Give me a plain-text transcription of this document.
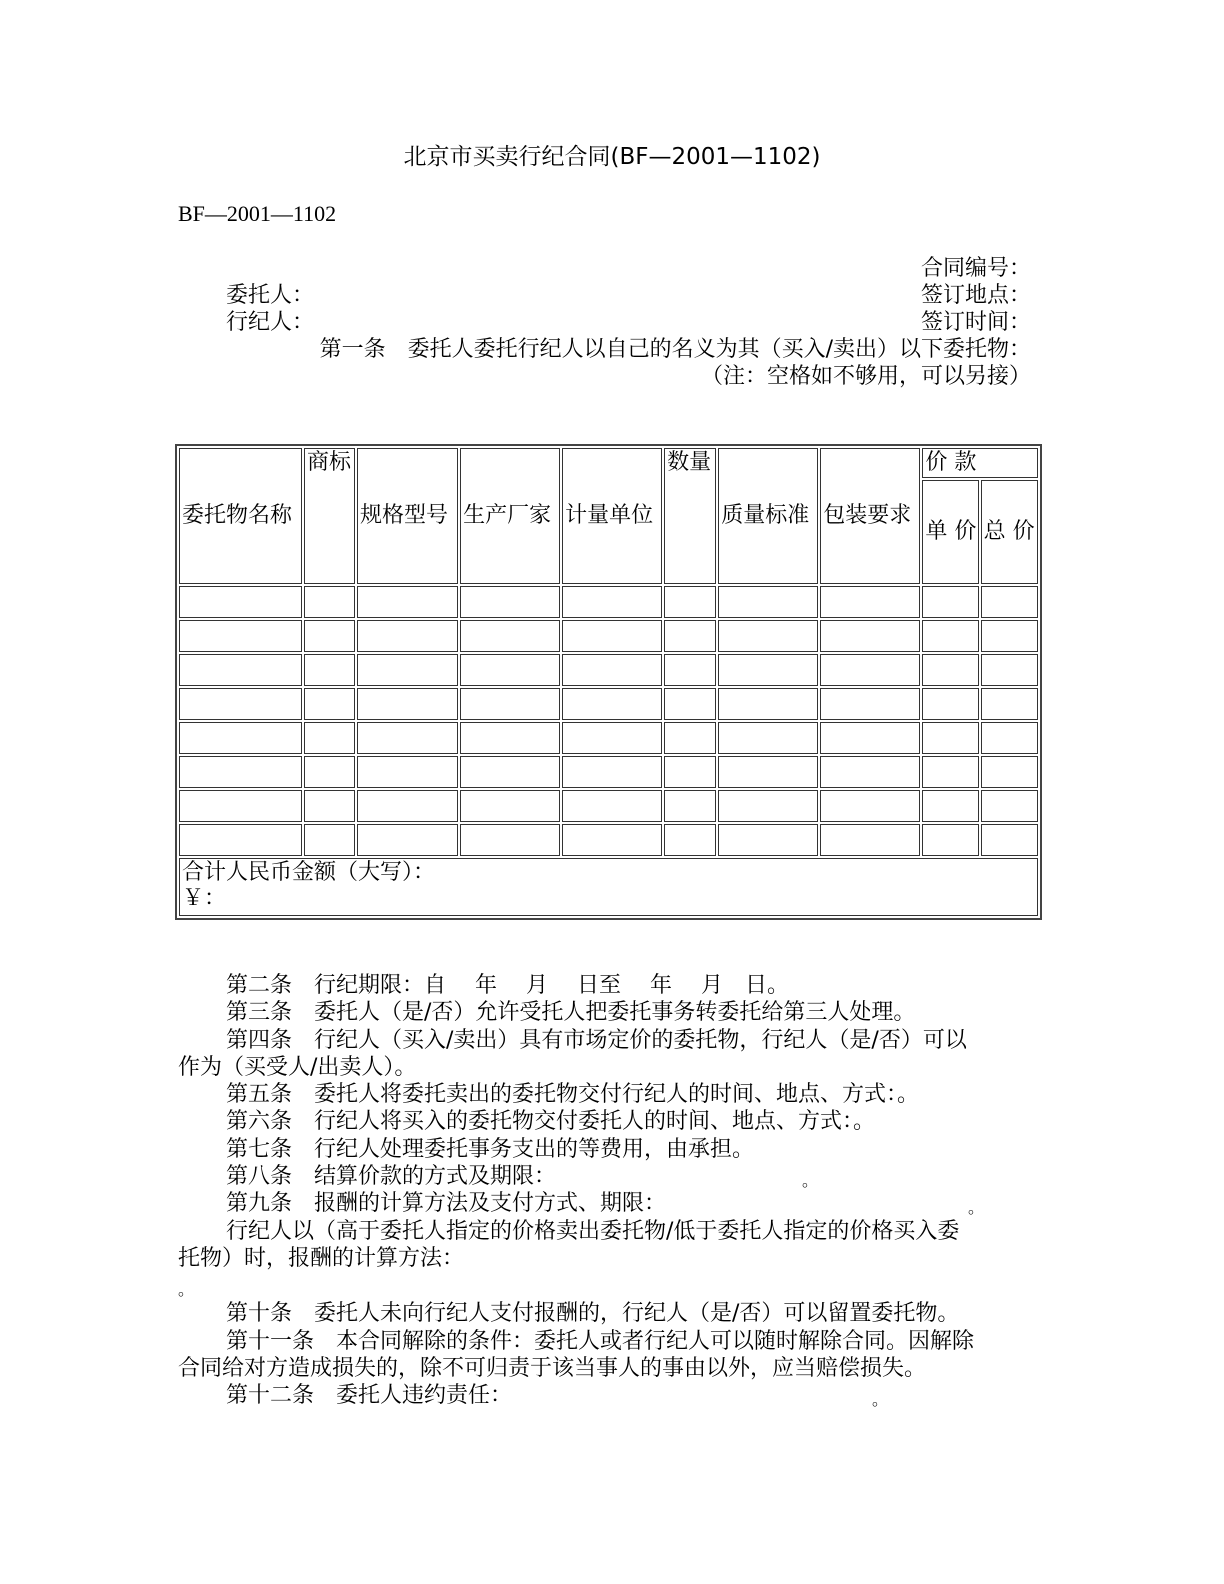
北京市买卖行纪合同(BF—2001—1102)
BF—2001—1102
合同编号：
委托人：	签订地点：
行纪人：	签订时间：
第一条　委托人委托行纪人以自己的名义为其（买入/卖出）以下委托物：
（注：空格如不够用，可以另接）
委托物名称	商标	规格型号	生产厂家	计量单位	数量	质量标准	包装要求	价 款	
								单 价	总 价

合计人民币金额（大写）：
￥：									
第二条　行纪期限：自　 年　 月　 日至　 年　 月　日。
第三条　委托人（是/否）允许受托人把委托事务转委托给第三人处理。
第四条　行纪人（买入/卖出）具有市场定价的委托物，行纪人（是/否）可以
作为（买受人/出卖人）。
第五条　委托人将委托卖出的委托物交付行纪人的时间、地点、方式：。
第六条　行纪人将买入的委托物交付委托人的时间、地点、方式：。
第七条　行纪人处理委托事务支出的等费用，由承担。
第八条　结算价款的方式及期限：	。
第九条　报酬的计算方法及支付方式、期限：	。
行纪人以（高于委托人指定的价格卖出委托物/低于委托人指定的价格买入委
托物）时，报酬的计算方法：
。
第十条　委托人未向行纪人支付报酬的，行纪人（是/否）可以留置委托物。
第十一条　本合同解除的条件：委托人或者行纪人可以随时解除合同。因解除
合同给对方造成损失的，除不可归责于该当事人的事由以外，应当赔偿损失。
第十二条　委托人违约责任：	。
